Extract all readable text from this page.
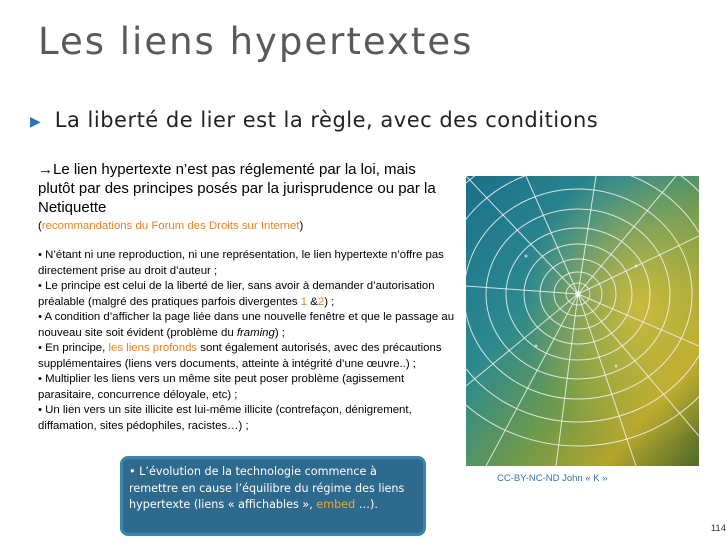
Les liens hypertextes
▶ La liberté de lier est la règle, avec des conditions
→Le lien hypertexte n’est pas réglementé par la loi, mais plutôt par des principes posés par la jurisprudence ou par la Netiquette
(recommandations du Forum des Droits sur Internet)

• N’étant ni une reproduction, ni une représentation, le lien hypertexte n’offre pas directement prise au droit d’auteur ;

• Le principe est celui de la liberté de lier, sans avoir à demander d’autorisation préalable (malgré des pratiques parfois divergentes 1 &2) ;

• A condition d’afficher la page liée dans une nouvelle fenêtre et que le passage au nouveau site soit évident (problème du framing) ;

• En principe, les liens profonds sont également autorisés, avec des précautions supplémentaires (liens vers documents, atteinte à intégrité d’une œuvre..) ;

• Multiplier les liens vers un même site peut poser problème (agissement parasitaire, concurrence déloyale, etc) ;

• Un lien vers un site illicite est lui-même illicite (contrefaçon, dénigrement, diffamation, sites pédophiles, racistes…) ;

CC-BY-NC-ND John « K »
• L’évolution de la technologie commence à remettre en cause l’équilibre du régime des liens hypertexte (liens « affichables », embed …).
114
